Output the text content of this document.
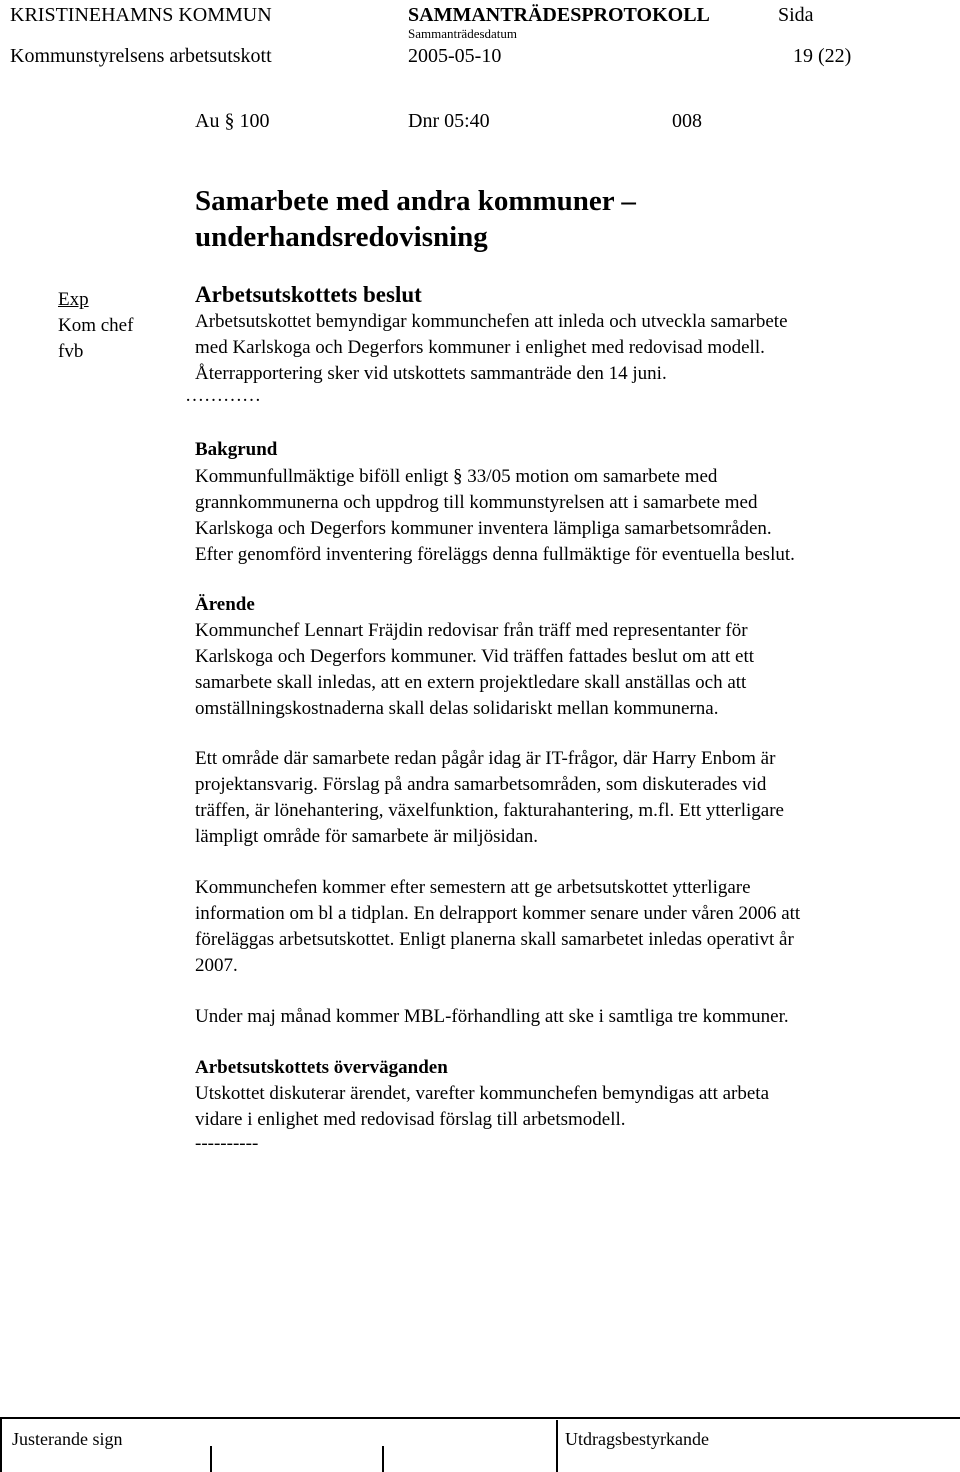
KRISTINEHAMNS KOMMUN	SAMMANTRÄDESPROTOKOLL	Sida
Sammanträdesdatum
Kommunstyrelsens arbetsutskott	2005-05-10	19 (22)
Au § 100	Dnr 05:40	008
Samarbete med andra kommuner –
underhandsredovisning
Exp
Kom chef
fvb
Arbetsutskottets beslut
Arbetsutskottet bemyndigar kommunchefen att inleda och utveckla samarbete
med Karlskoga och Degerfors kommuner i enlighet med redovisad modell.
Återrapportering sker vid utskottets sammanträde den 14 juni.
…………
Bakgrund
Kommunfullmäktige biföll enligt § 33/05 motion om samarbete med
grannkommunerna och uppdrog till kommunstyrelsen att i samarbete med
Karlskoga och Degerfors kommuner inventera lämpliga samarbetsområden.
Efter genomförd inventering föreläggs denna fullmäktige för eventuella beslut.
Ärende
Kommunchef Lennart Fräjdin redovisar från träff med representanter för
Karlskoga och Degerfors kommuner. Vid träffen fattades beslut om att ett
samarbete skall inledas, att en extern projektledare skall anställas och att
omställningskostnaderna skall delas solidariskt mellan kommunerna.
Ett område där samarbete redan pågår idag är IT-frågor, där Harry Enbom är
projektansvarig. Förslag på andra samarbetsområden, som diskuterades vid
träffen, är lönehantering, växelfunktion, fakturahantering, m.fl. Ett ytterligare
lämpligt område för samarbete är miljösidan.
Kommunchefen kommer efter semestern att ge arbetsutskottet ytterligare
information om bl a tidplan. En delrapport kommer senare under våren 2006 att
föreläggas arbetsutskottet. Enligt planerna skall samarbetet inledas operativt år
2007.
Under maj månad kommer MBL-förhandling att ske i samtliga tre kommuner.
Arbetsutskottets överväganden
Utskottet diskuterar ärendet, varefter kommunchefen bemyndigas att arbeta
vidare i enlighet med redovisad förslag till arbetsmodell.
----------
Justerande sign	Utdragsbestyrkande
